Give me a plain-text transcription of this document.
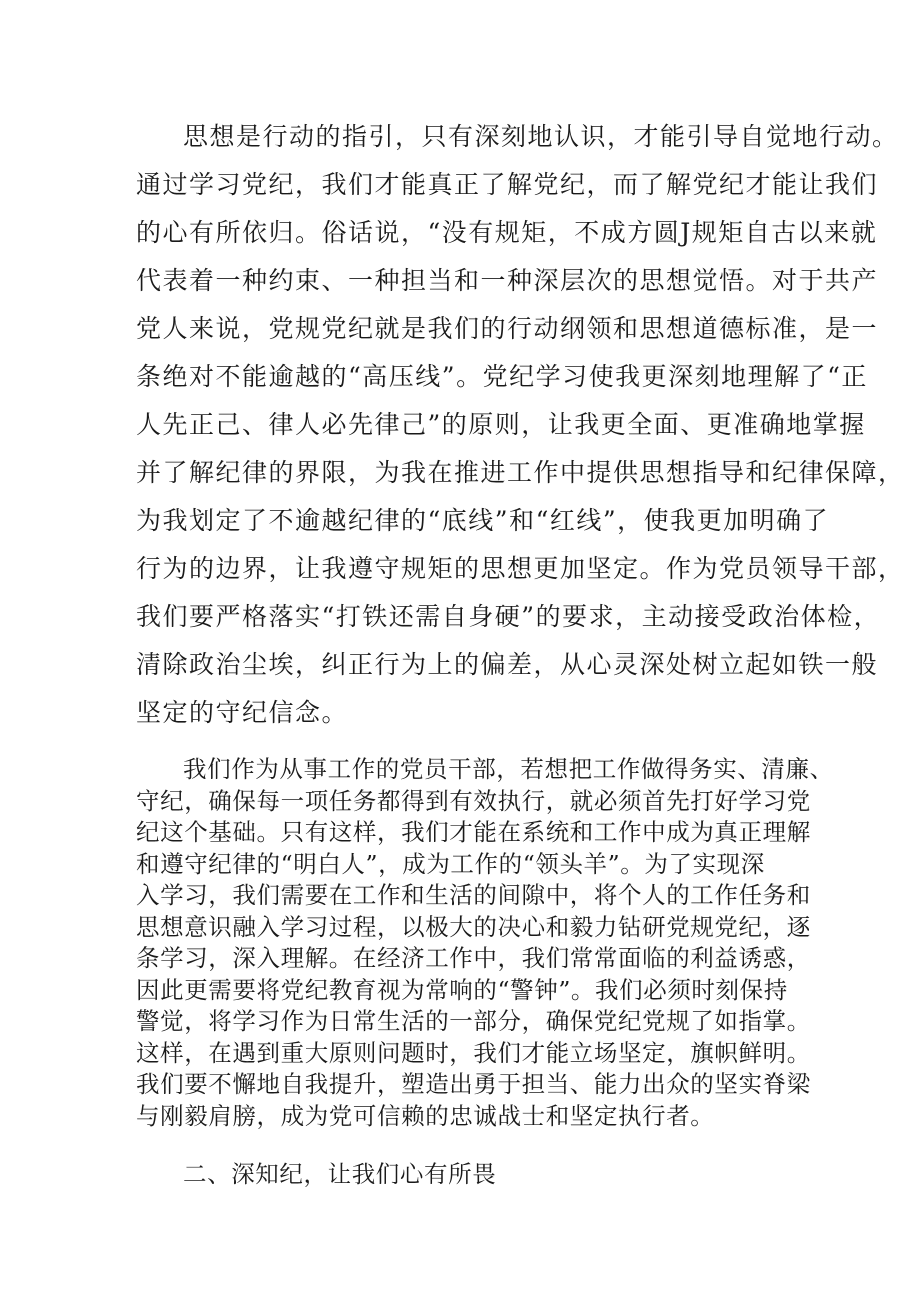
思想是行动的指引，只有深刻地认识，才能引导自觉地行动。
通过学习党纪，我们才能真正了解党纪，而了解党纪才能让我们
的心有所依归。俗话说，“没有规矩，不成方圆J规矩自古以来就
代表着一种约束、一种担当和一种深层次的思想觉悟。对于共产
党人来说，党规党纪就是我们的行动纲领和思想道德标准，是一
条绝对不能逾越的“高压线”。党纪学习使我更深刻地理解了“正
人先正己、律人必先律己”的原则，让我更全面、更准确地掌握
并了解纪律的界限，为我在推进工作中提供思想指导和纪律保障，
为我划定了不逾越纪律的“底线”和“红线”，使我更加明确了
行为的边界，让我遵守规矩的思想更加坚定。作为党员领导干部，
我们要严格落实“打铁还需自身硬”的要求，主动接受政治体检，
清除政治尘埃，纠正行为上的偏差，从心灵深处树立起如铁一般
坚定的守纪信念。
我们作为从事工作的党员干部，若想把工作做得务实、清廉、
守纪，确保每一项任务都得到有效执行，就必须首先打好学习党
纪这个基础。只有这样，我们才能在系统和工作中成为真正理解
和遵守纪律的“明白人”，成为工作的“领头羊”。为了实现深
入学习，我们需要在工作和生活的间隙中，将个人的工作任务和
思想意识融入学习过程，以极大的决心和毅力钻研党规党纪，逐
条学习，深入理解。在经济工作中，我们常常面临的利益诱惑，
因此更需要将党纪教育视为常响的“警钟”。我们必须时刻保持
警觉，将学习作为日常生活的一部分，确保党纪党规了如指掌。
这样，在遇到重大原则问题时，我们才能立场坚定，旗帜鲜明。
我们要不懈地自我提升，塑造出勇于担当、能力出众的坚实脊梁
与刚毅肩膀，成为党可信赖的忠诚战士和坚定执行者。
二、深知纪，让我们心有所畏
